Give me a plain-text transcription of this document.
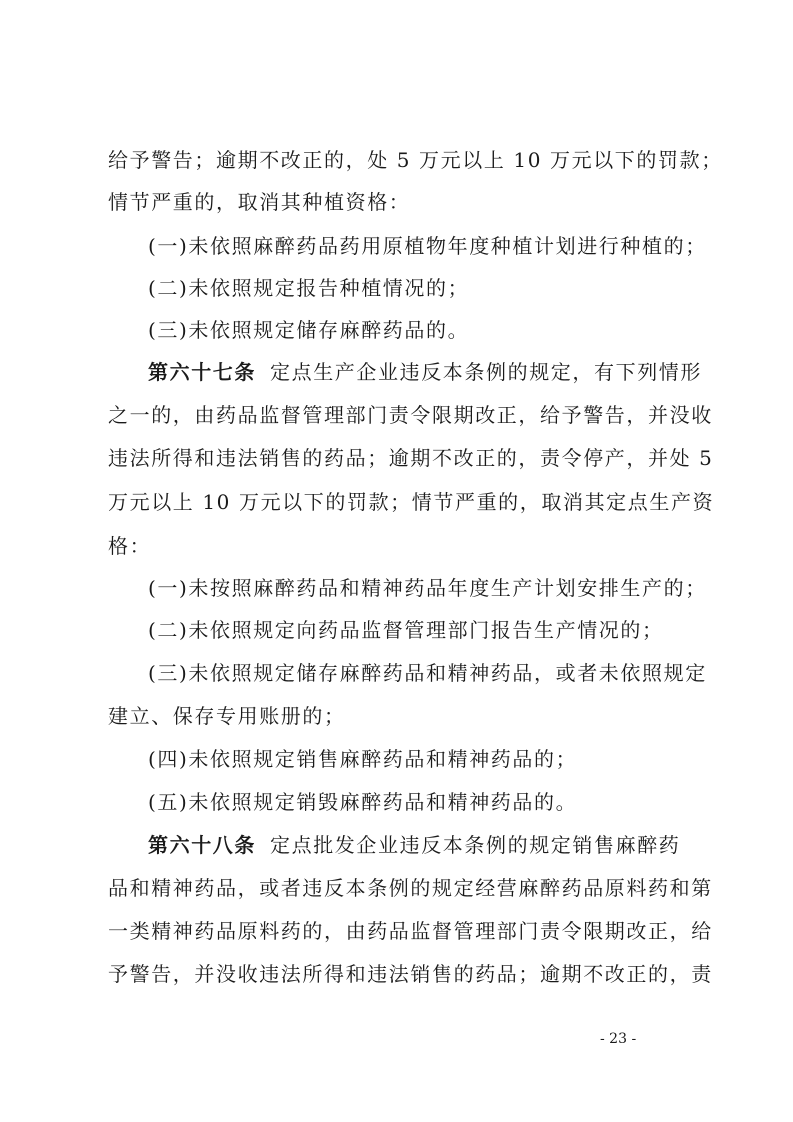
给予警告；逾期不改正的，处 5 万元以上 10 万元以下的罚款；
情节严重的，取消其种植资格：
(一)未依照麻醉药品药用原植物年度种植计划进行种植的；
(二)未依照规定报告种植情况的；
(三)未依照规定储存麻醉药品的。
第六十七条 定点生产企业违反本条例的规定，有下列情形
之一的，由药品监督管理部门责令限期改正，给予警告，并没收
违法所得和违法销售的药品；逾期不改正的，责令停产，并处 5
万元以上 10 万元以下的罚款；情节严重的，取消其定点生产资
格：
(一)未按照麻醉药品和精神药品年度生产计划安排生产的；
(二)未依照规定向药品监督管理部门报告生产情况的；
(三)未依照规定储存麻醉药品和精神药品，或者未依照规定
建立、保存专用账册的；
(四)未依照规定销售麻醉药品和精神药品的；
(五)未依照规定销毁麻醉药品和精神药品的。
第六十八条 定点批发企业违反本条例的规定销售麻醉药
品和精神药品，或者违反本条例的规定经营麻醉药品原料药和第
一类精神药品原料药的，由药品监督管理部门责令限期改正，给
予警告，并没收违法所得和违法销售的药品；逾期不改正的，责
- 23 -
